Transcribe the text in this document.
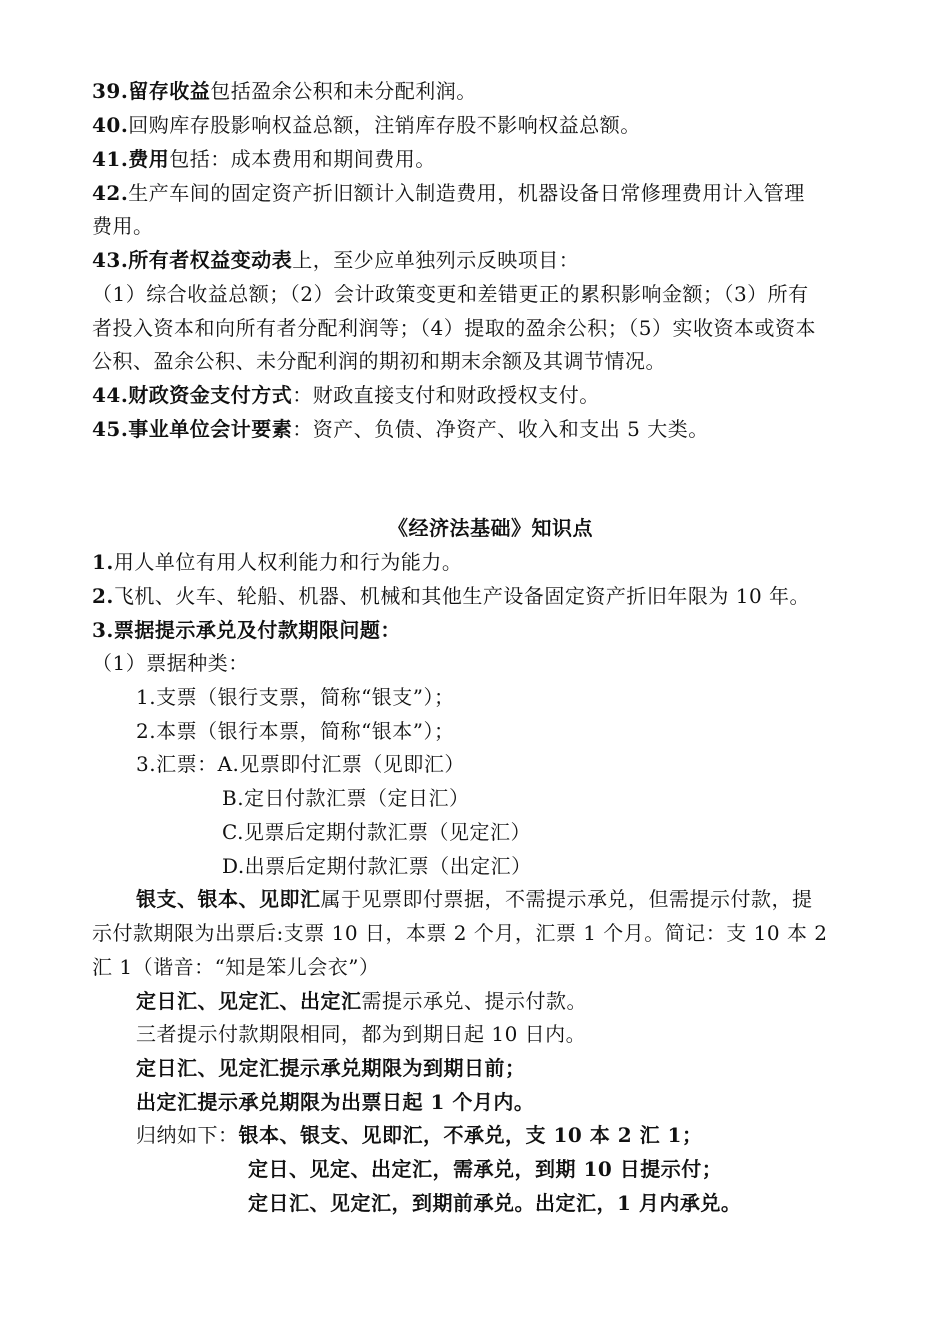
39.留存收益包括盈余公积和未分配利润。
40.回购库存股影响权益总额，注销库存股不影响权益总额。
41.费用包括：成本费用和期间费用。
42.生产车间的固定资产折旧额计入制造费用，机器设备日常修理费用计入管理
费用。
43.所有者权益变动表上，至少应单独列示反映项目：
（1）综合收益总额；（2）会计政策变更和差错更正的累积影响金额；（3）所有
者投入资本和向所有者分配利润等；（4）提取的盈余公积；（5）实收资本或资本
公积、盈余公积、未分配利润的期初和期末余额及其调节情况。
44.财政资金支付方式：财政直接支付和财政授权支付。
45.事业单位会计要素：资产、负债、净资产、收入和支出 5 大类。
《经济法基础》知识点
1.用人单位有用人权利能力和行为能力。
2.飞机、火车、轮船、机器、机械和其他生产设备固定资产折旧年限为 10 年。
3.票据提示承兑及付款期限问题：
（1）票据种类：
1.支票（银行支票，简称“银支”）；
2.本票（银行本票，简称“银本”）；
3.汇票：A.见票即付汇票（见即汇）
B.定日付款汇票（定日汇）
C.见票后定期付款汇票（见定汇）
D.出票后定期付款汇票（出定汇）
银支、银本、见即汇属于见票即付票据，不需提示承兑，但需提示付款，提
示付款期限为出票后:支票 10 日，本票 2 个月，汇票 1 个月。简记：支 10 本 2
汇 1（谐音：“知是笨儿会衣”）
定日汇、见定汇、出定汇需提示承兑、提示付款。
三者提示付款期限相同，都为到期日起 10 日内。
定日汇、见定汇提示承兑期限为到期日前；
出定汇提示承兑期限为出票日起 1 个月内。
归纳如下：银本、银支、见即汇，不承兑，支 10 本 2 汇 1；
定日、见定、出定汇，需承兑，到期 10 日提示付；
定日汇、见定汇，到期前承兑。出定汇，1 月内承兑。
